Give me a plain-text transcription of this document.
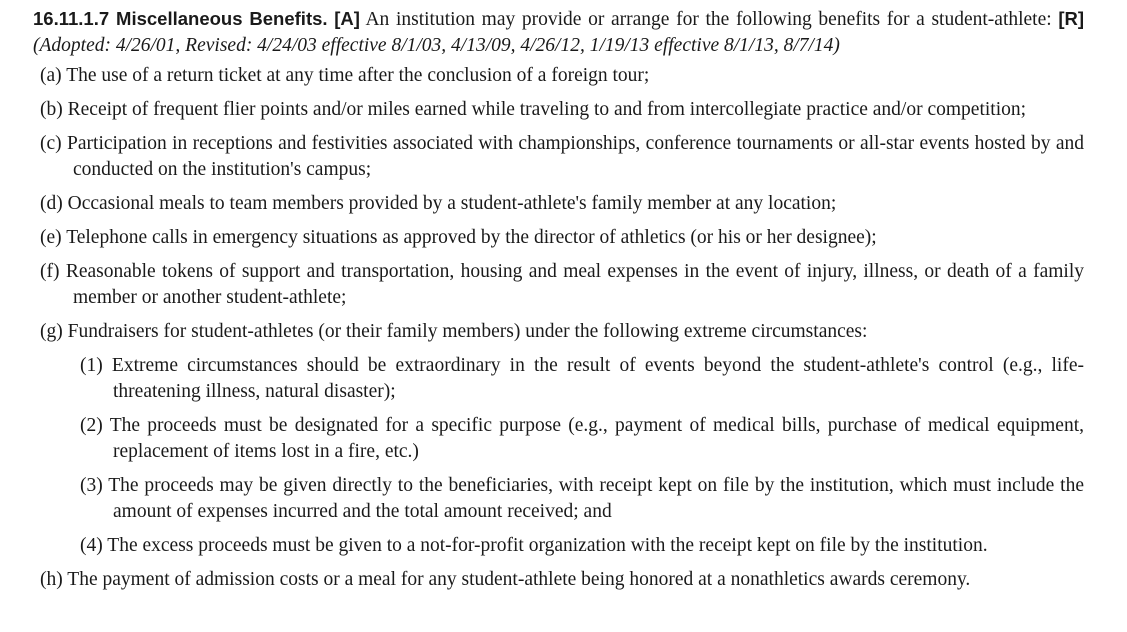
16.11.1.7 Miscellaneous Benefits. [A] An institution may provide or arrange for the following benefits for a student-athlete: [R] (Adopted: 4/26/01, Revised: 4/24/03 effective 8/1/03, 4/13/09, 4/26/12, 1/19/13 effective 8/1/13, 8/7/14)
(a) The use of a return ticket at any time after the conclusion of a foreign tour;
(b) Receipt of frequent flier points and/or miles earned while traveling to and from intercollegiate practice and/or competition;
(c) Participation in receptions and festivities associated with championships, conference tournaments or all-star events hosted by and conducted on the institution's campus;
(d) Occasional meals to team members provided by a student-athlete's family member at any location;
(e) Telephone calls in emergency situations as approved by the director of athletics (or his or her designee);
(f) Reasonable tokens of support and transportation, housing and meal expenses in the event of injury, illness, or death of a family member or another student-athlete;
(g) Fundraisers for student-athletes (or their family members) under the following extreme circumstances:
(1) Extreme circumstances should be extraordinary in the result of events beyond the student-athlete's control (e.g., life-threatening illness, natural disaster);
(2) The proceeds must be designated for a specific purpose (e.g., payment of medical bills, purchase of medical equipment, replacement of items lost in a fire, etc.)
(3) The proceeds may be given directly to the beneficiaries, with receipt kept on file by the institution, which must include the amount of expenses incurred and the total amount received; and
(4) The excess proceeds must be given to a not-for-profit organization with the receipt kept on file by the institution.
(h) The payment of admission costs or a meal for any student-athlete being honored at a nonathletics awards ceremony.
